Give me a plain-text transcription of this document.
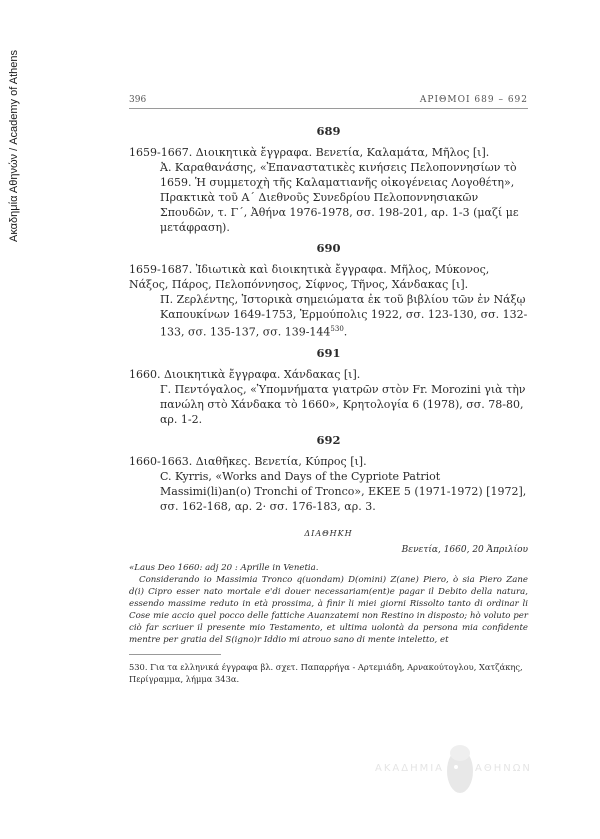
Ακαδημία Αθηνών / Academy of Athens	396	ΑΡΙΘΜΟΙ 689 – 692
689

1659-1667. Διοικητικὰ ἔγγραφα. Βενετία, Καλαμάτα, Μῆλος [ι].

Ἀ. Καραθανάσης, «Ἐπαναστατικὲς κινήσεις Πελοποννησίων τὸ 1659. Ἡ συμμετοχὴ τῆς Καλαματιανῆς οἰκογένειας Λογοθέτη», Πρακτικὰ τοῦ Α΄ Διεθνοῦς Συνεδρίου Πελοποννησιακῶν Σπουδῶν, τ. Γ΄, Ἀθήνα 1976-1978, σσ. 198-201, αρ. 1-3 (μαζί με μετάφραση).

690

1659-1687. Ἰδιωτικὰ καὶ διοικητικὰ ἔγγραφα. Μῆλος, Μύκονος, Νάξος, Πάρος, Πελοπόννησος, Σίφνος, Τῆνος, Χάνδακας [ι].

Π. Ζερλέντης, Ἱστορικὰ σημειώματα ἐκ τοῦ βιβλίου τῶν ἐν Νάξῳ Καπουκίνων 1649-1753, Ἑρμούπολις 1922, σσ. 123-130, σσ. 132-133, σσ. 135-137, σσ. $139-144^{530}$.

691

1660. Διοικητικὰ ἔγγραφα. Χάνδακας [ι].

Γ. Πεντόγαλος, «Ὑπομνήματα γιατρῶν στὸν Fr. Morozini γιὰ τὴν πανώλη στὸ Χάνδακα τὸ 1660», Κρητολογία 6 (1978), σσ. 78-80, αρ. 1-2.

692

1660-1663. Διαθῆκες. Βενετία, Κύπρος [ι].

C. Kyrris, «Works and Days of the Cypriote Patriot Massimi(li)an(o) Tronchi of Tronco», EKEE 5 (1971-1972) [1972], σσ. 162-168, αρ. 2· σσ. 176-183, αρ. 3.

ΔΙΑΘΗΚΗ
Βενετία, 1660, 20 Ἀπριλίου

«Laus Deo 1660: adj 20 : Aprille in Venetia.

Considerando io Massimia Tronco q(uondam) D(omini) Z(ane) Piero, ò sia Piero Zane d(i) Cipro esser nato mortale e'di douer necessariam(ent)e pagar il Debito della natura, essendo massime reduto in età prossima, à finir li miei giorni Rissolto tanto di ordinar li Cose mie accio quel pocco delle fattiche Auanzatemi non Restino in disposto; hò voluto per ciò far scriuer il presente mio Testamento, et ultima uolontà da persona mia confidente mentre per gratia del S(igno)r Iddio mi atrouo sano di mente inteletto, et

530. Για τα ελληνικά έγγραφα βλ. σχετ. Παπαρρήγα - Αρτεμιάδη, Αρνακούτογλου, Χατζάκης, Περίγραμμα, λήμμα 343α.

ΑΚΑΔΗΜΙΑ	ΑΘΗΝΩΝ
